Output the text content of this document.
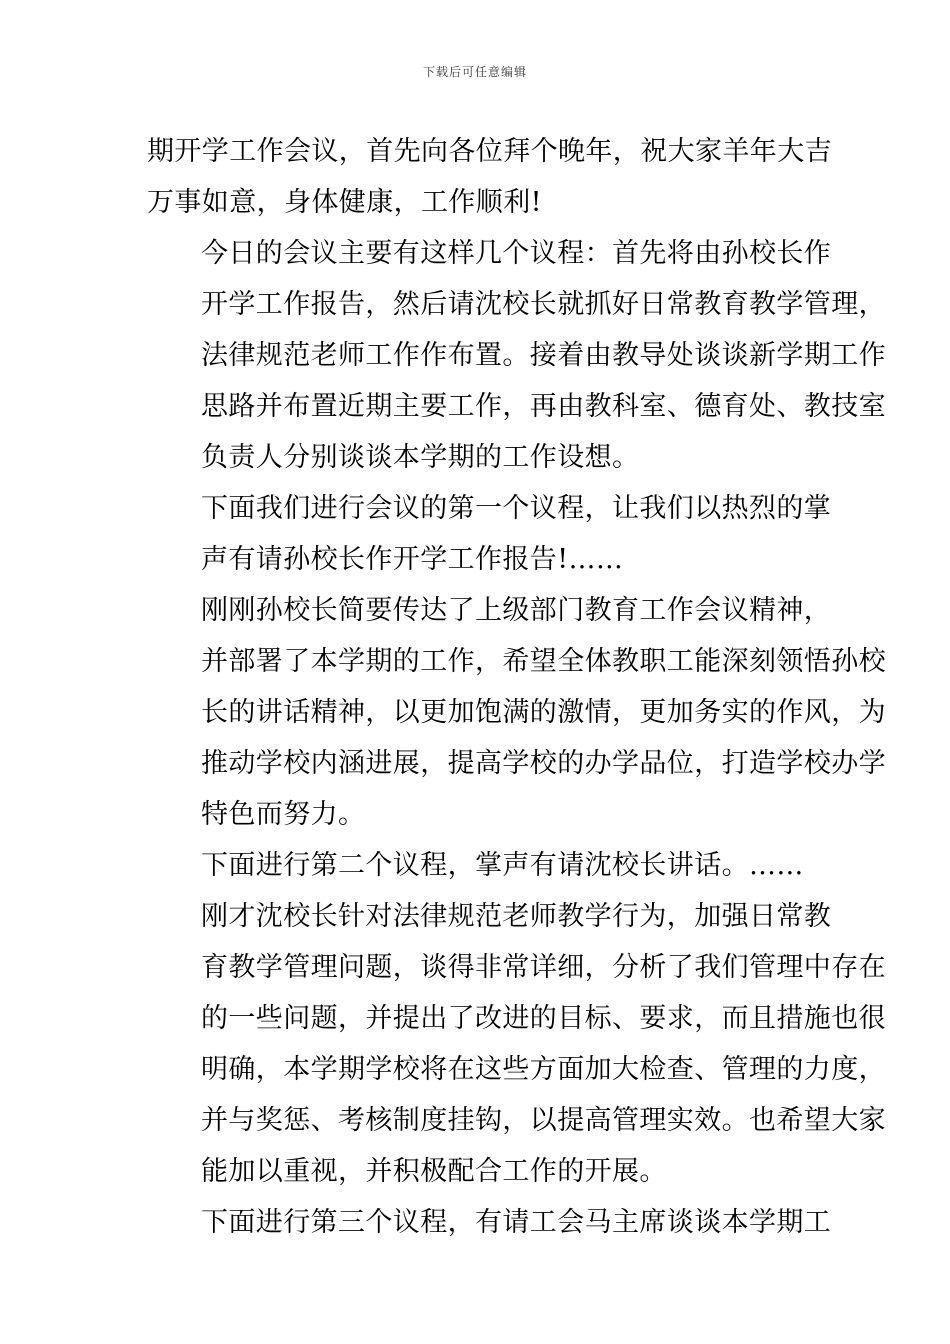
下载后可任意编辑

期开学工作会议，首先向各位拜个晚年，祝大家羊年大吉
万事如意，身体健康，工作顺利!

今日的会议主要有这样几个议程：首先将由孙校长作
开学工作报告，然后请沈校长就抓好日常教育教学管理，
法律规范老师工作作布置。接着由教导处谈谈新学期工作
思路并布置近期主要工作，再由教科室、德育处、教技室
负责人分别谈谈本学期的工作设想。

下面我们进行会议的第一个议程，让我们以热烈的掌
声有请孙校长作开学工作报告!……

刚刚孙校长简要传达了上级部门教育工作会议精神，
并部署了本学期的工作，希望全体教职工能深刻领悟孙校
长的讲话精神，以更加饱满的激情，更加务实的作风，为
推动学校内涵进展，提高学校的办学品位，打造学校办学
特色而努力。

下面进行第二个议程，掌声有请沈校长讲话。……

刚才沈校长针对法律规范老师教学行为，加强日常教
育教学管理问题，谈得非常详细，分析了我们管理中存在
的一些问题，并提出了改进的目标、要求，而且措施也很
明确，本学期学校将在这些方面加大检查、管理的力度，
并与奖惩、考核制度挂钩，以提高管理实效。也希望大家
能加以重视，并积极配合工作的开展。

下面进行第三个议程，有请工会马主席谈谈本学期工
